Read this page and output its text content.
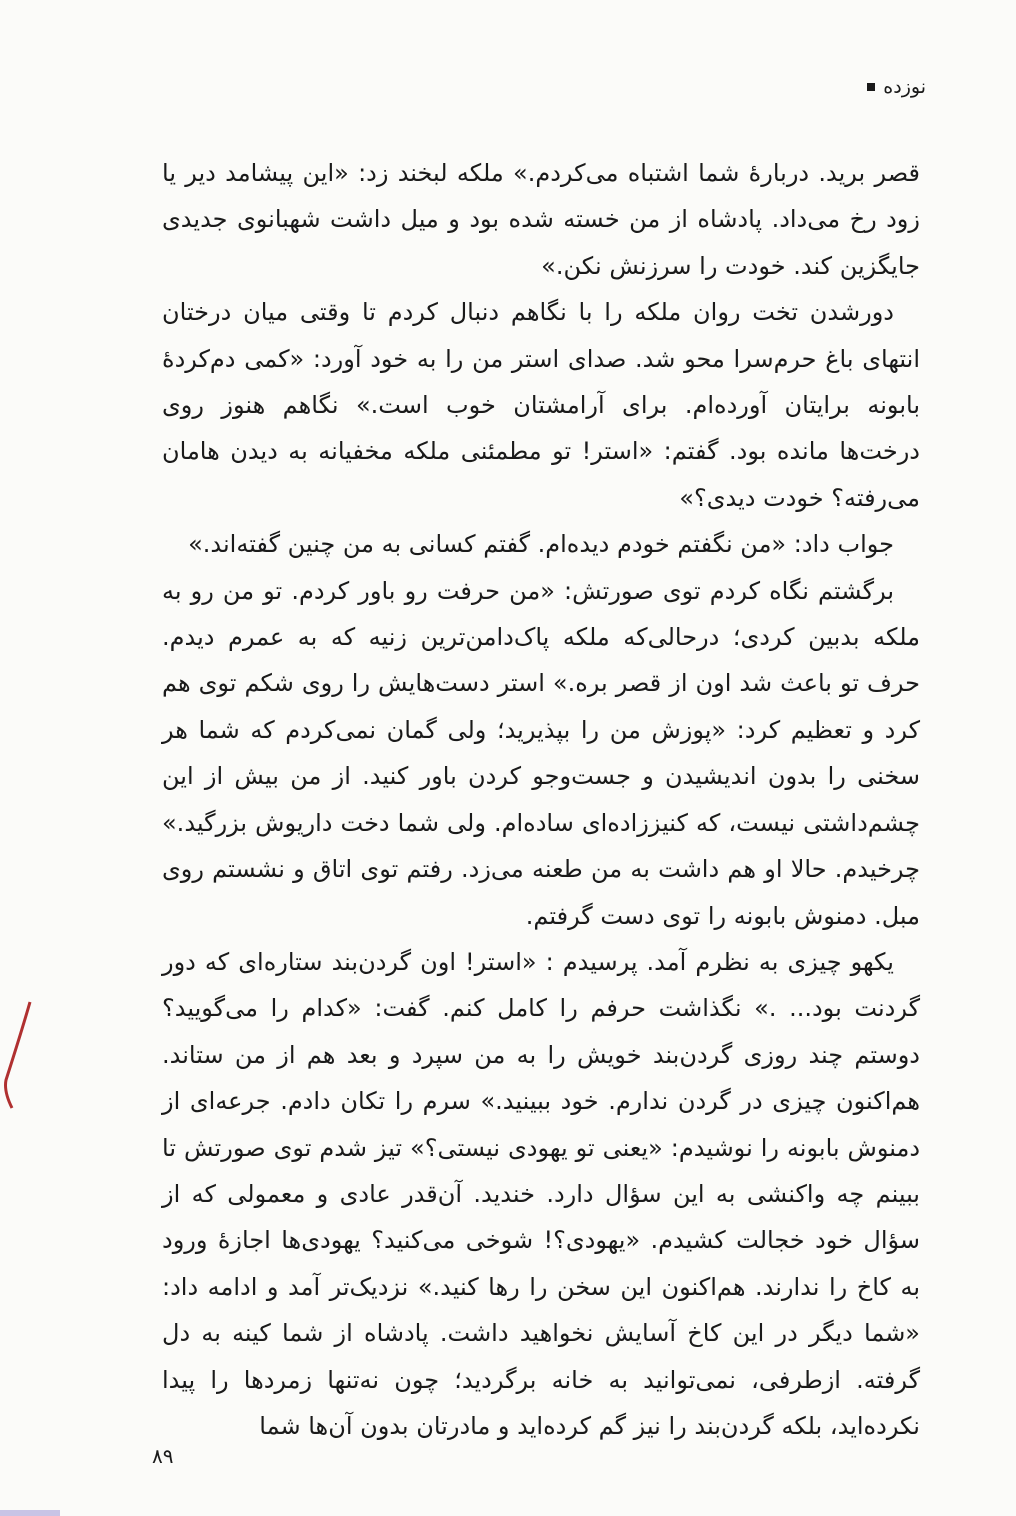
نوزده

قصر برید. دربارهٔ شما اشتباه می‌کردم.» ملکه لبخند زد: «این پیشامد دیر یا زود رخ می‌داد. پادشاه از من خسته شده بود و میل داشت شهبانوی جدیدی جایگزین کند. خودت را سرزنش نکن.»

دورشدن تخت روان ملکه را با نگاهم دنبال کردم تا وقتی میان درختان انتهای باغ حرم‌سرا محو شد. صدای استر من را به خود آورد: «کمی دم‌کردهٔ بابونه برایتان آورده‌ام. برای آرامشتان خوب است.» نگاهم هنوز روی درخت‌ها مانده بود. گفتم: «استر! تو مطمئنی ملکه مخفیانه به دیدن هامان می‌رفته؟ خودت دیدی؟»

جواب داد: «من نگفتم خودم دیده‌ام. گفتم کسانی به من چنین گفته‌اند.»

برگشتم نگاه کردم توی صورتش: «من حرفت رو باور کردم. تو من رو به ملکه بدبین کردی؛ درحالی‌که ملکه پاک‌دامن‌ترین زنیه که به عمرم دیدم. حرف تو باعث شد اون از قصر بره.» استر دست‌هایش را روی شکم توی هم کرد و تعظیم کرد: «پوزش من را بپذیرید؛ ولی گمان نمی‌کردم که شما هر سخنی را بدون اندیشیدن و جست‌وجو کردن باور کنید. از من بیش از این چشم‌داشتی نیست، که کنیززاده‌ای ساده‌ام. ولی شما دخت داریوش بزرگید.» چرخیدم. حالا او هم داشت به من طعنه می‌زد. رفتم توی اتاق و نشستم روی مبل. دمنوش بابونه را توی دست گرفتم.

یکهو چیزی به نظرم آمد. پرسیدم : «استر! اون گردن‌بند ستاره‌ای که دور گردنت بود... .» نگذاشت حرفم را کامل کنم. گفت: «کدام را می‌گویید؟ دوستم چند روزی گردن‌بند خویش را به من سپرد و بعد هم از من ستاند. هم‌اکنون چیزی در گردن ندارم. خود ببینید.» سرم را تکان دادم. جرعه‌ای از دمنوش بابونه را نوشیدم: «یعنی تو یهودی نیستی؟» تیز شدم توی صورتش تا ببینم چه واکنشی به این سؤال دارد. خندید. آن‌قدر عادی و معمولی که از سؤال خود خجالت کشیدم. «یهودی؟! شوخی می‌کنید؟ یهودی‌ها اجازهٔ ورود به کاخ را ندارند. هم‌اکنون این سخن را رها کنید.» نزدیک‌تر آمد و ادامه داد: «شما دیگر در این کاخ آسایش نخواهید داشت. پادشاه از شما کینه به دل گرفته. ازطرفی، نمی‌توانید به خانه برگردید؛ چون نه‌تنها زمردها را پیدا نکرده‌اید، بلکه گردن‌بند را نیز گم کرده‌اید و مادرتان بدون آن‌ها شما

۸۹
